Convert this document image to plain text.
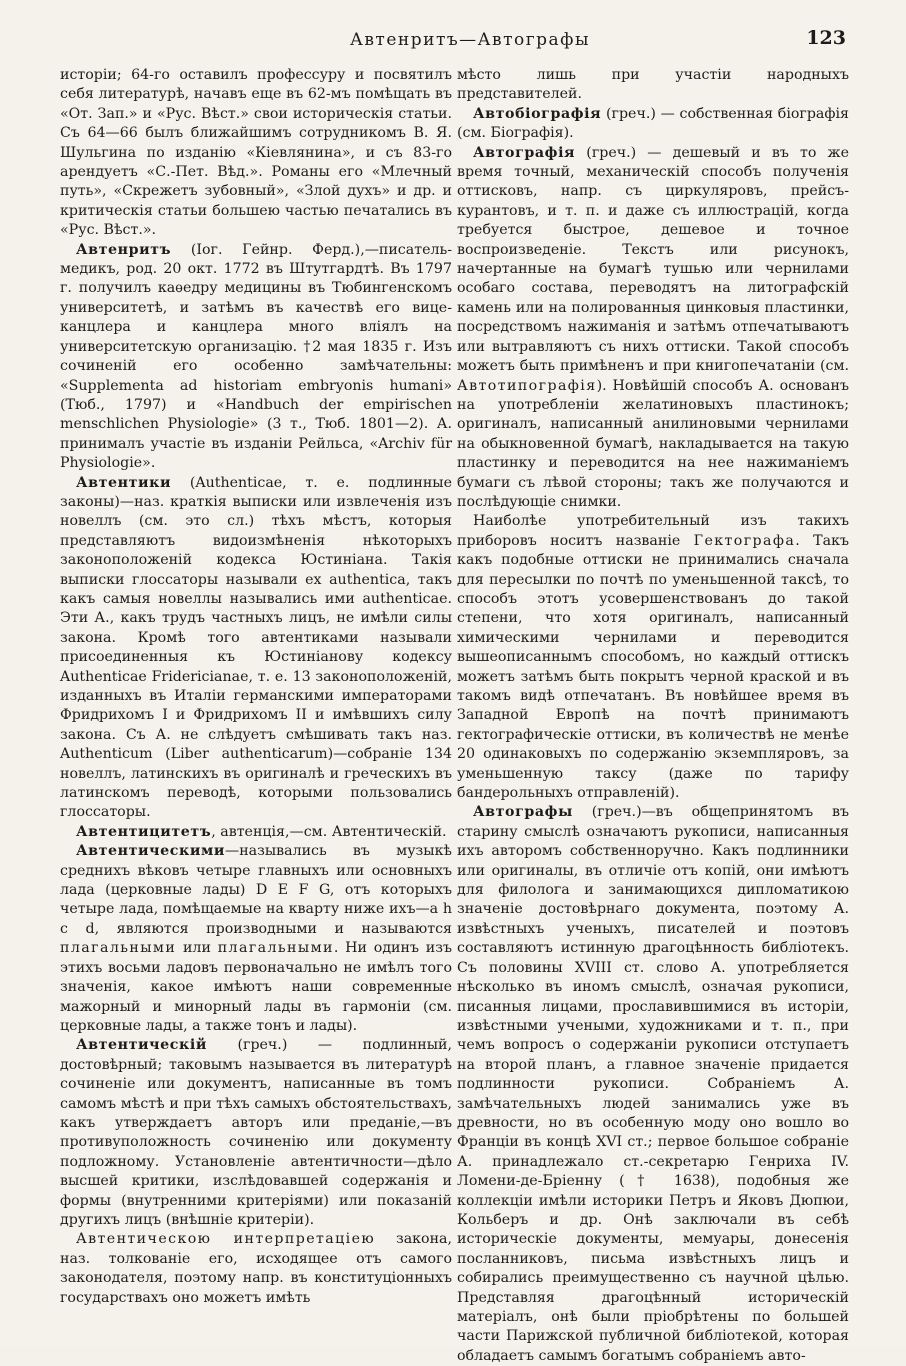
Автенритъ—Автографы	123

исторіи; 64-го оставилъ профессуру и посвятилъ себя литературѣ, начавъ еще въ 62-мъ помѣщать въ «От. Зап.» и «Рус. Вѣст.» свои историческія статьи. Съ 64—66 былъ ближайшимъ сотрудникомъ В. Я. Шульгина по изданію «Кіевлянина», и съ 83-го арендуетъ «С.-Пет. Вѣд.». Романы его «Млечный путь», «Скрежетъ зубовный», «Злой духъ» и др. и критическія статьи большею частью печатались въ «Рус. Вѣст.».

Автенритъ (Іог. Гейнр. Ферд.),—писатель-медикъ, род. 20 окт. 1772 въ Штутгардтѣ. Въ 1797 г. получилъ каѳедру медицины въ Тюбингенскомъ университетѣ, и затѣмъ въ качествѣ его вице-канцлера и канцлера много вліялъ на университетскую организацію. †2 мая 1835 г. Изъ сочиненій его особенно замѣчательны: «Supplementa ad historiam embryonis humani» (Тюб., 1797) и «Handbuch der empirischen menschlichen Physiologie» (3 т., Тюб. 1801—2). А. принималъ участіе въ изданіи Рейльса, «Archiv für Physiologie».

Автентики (Authenticae, т. е. подлинные законы)—наз. краткія выписки или извлеченія изъ новеллъ (см. это сл.) тѣхъ мѣстъ, которыя представляютъ видоизмѣненія нѣкоторыхъ законоположеній кодекса Юстиніана. Такія выписки глоссаторы называли ex authentica, такъ какъ самыя новеллы назывались ими authenticae. Эти А., какъ трудъ частныхъ лицъ, не имѣли силы закона. Кромѣ того автентиками называли присоединенныя къ Юстиніанову кодексу Authenticae Fridericianae, т. е. 13 законоположеній, изданныхъ въ Италіи германскими императорами Фридрихомъ I и Фридрихомъ II и имѣвшихъ силу закона. Съ А. не слѣдуетъ смѣшивать такъ наз. Authenticum (Liber authenticarum)—собраніе 134 новеллъ, латинскихъ въ оригиналѣ и греческихъ въ латинскомъ переводѣ, которыми пользовались глоссаторы.

Автентицитетъ, автенція,—см. Автентическій.

Автентическими—назывались въ музыкѣ среднихъ вѣковъ четыре главныхъ или основныхъ лада (церковные лады) D E F G, отъ которыхъ четыре лада, помѣщаемые на кварту ниже ихъ—a h c d, являются производными и называются плагальными или плагальными. Ни одинъ изъ этихъ восьми ладовъ первоначально не имѣлъ того значенія, какое имѣютъ наши современные мажорный и минорный лады въ гармоніи (см. церковные лады, а также тонъ и лады).

Автентическій (греч.) — подлинный, достовѣрный; таковымъ называется въ литературѣ сочиненіе или документъ, написанные въ томъ самомъ мѣстѣ и при тѣхъ самыхъ обстоятельствахъ, какъ утверждаетъ авторъ или преданіе,—въ противуположность сочиненію или документу подложному. Установленіе автентичности—дѣло высшей критики, изслѣдовавшей содержанія и формы (внутренними критеріями) или показаній другихъ лицъ (внѣшніе критеріи).

Автентическою интерпретаціею закона, наз. толкованіе его, исходящее отъ самого законодателя, поэтому напр. въ конституціонныхъ государствахъ оно можетъ имѣть

мѣсто лишь при участіи народныхъ представителей.

Автобіографія (греч.) — собственная біографія (см. Біографія).

Автографія (греч.) — дешевый и въ то же время точный, механическій способъ полученія оттисковъ, напр. съ циркуляровъ, прейсъ-курантовъ, и т. п. и даже съ иллюстрацій, когда требуется быстрое, дешевое и точное воспроизведеніе. Текстъ или рисунокъ, начертанные на бумагѣ тушью или чернилами особаго состава, переводятъ на литографскій камень или на полированныя цинковыя пластинки, посредствомъ нажиманія и затѣмъ отпечатываютъ или вытравляютъ съ нихъ оттиски. Такой способъ можетъ быть примѣненъ и при книгопечатаніи (см. Автотипографія). Новѣйшій способъ А. основанъ на употребленіи желатиновыхъ пластинокъ; оригиналъ, написанный анилиновыми чернилами на обыкновенной бумагѣ, накладывается на такую пластинку и переводится на нее нажиманіемъ бумаги съ лѣвой стороны; такъ же получаются и послѣдующіе снимки.

Наиболѣе употребительный изъ такихъ приборовъ носитъ названіе Гектографа. Такъ какъ подобные оттиски не принимались сначала для пересылки по почтѣ по уменьшенной таксѣ, то способъ этотъ усовершенствованъ до такой степени, что хотя оригиналъ, написанный химическими чернилами и переводится вышеописаннымъ способомъ, но каждый оттискъ можетъ затѣмъ быть покрытъ черной краской и въ такомъ видѣ отпечатанъ. Въ новѣйшее время въ Западной Европѣ на почтѣ принимаютъ гектографическіе оттиски, въ количествѣ не менѣе 20 одинаковыхъ по содержанію экземпляровъ, за уменьшенную таксу (даже по тарифу бандерольныхъ отправленій).

Автографы (греч.)—въ общепринятомъ въ старину смыслѣ означаютъ рукописи, написанныя ихъ авторомъ собственноручно. Какъ подлинники или оригиналы, въ отличіе отъ копій, они имѣютъ для филолога и занимающихся дипломатикою значеніе достовѣрнаго документа, поэтому А. извѣстныхъ ученыхъ, писателей и поэтовъ составляютъ истинную драгоцѣнность библіотекъ. Съ половины XVIII ст. слово А. употребляется нѣсколько въ иномъ смыслѣ, означая рукописи, писанныя лицами, прославившимися въ исторіи, извѣстными учеными, художниками и т. п., при чемъ вопросъ о содержаніи рукописи отступаетъ на второй планъ, а главное значеніе придается подлинности рукописи. Собраніемъ А. замѣчательныхъ людей занимались уже въ древности, но въ особенную моду оно вошло во Франціи въ концѣ XVI ст.; первое большое собраніе А. принадлежало ст.-секретарю Генриха IV. Ломени-де-Бріенну († 1638), подобныя же коллекціи имѣли историки Петръ и Яковъ Дюпюи, Кольберъ и др. Онѣ заключали въ себѣ историческіе документы, мемуары, донесенія посланниковъ, письма извѣстныхъ лицъ и собирались преимущественно съ научной цѣлью. Представляя драгоцѣнный историческій матеріалъ, онѣ были пріобрѣтены по большей части Парижской публичной библіотекой, которая обладаетъ самымъ богатымъ собраніемъ авто-
